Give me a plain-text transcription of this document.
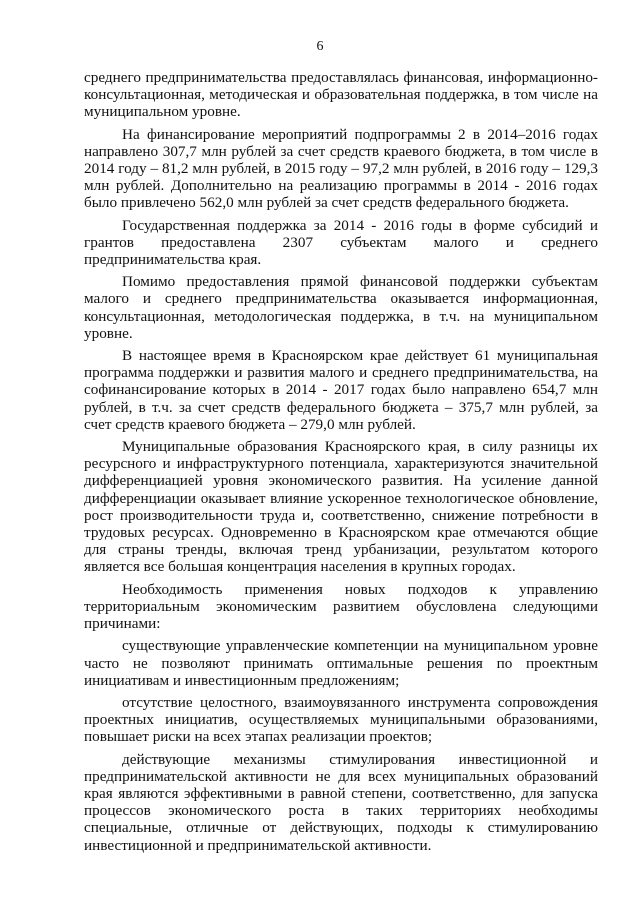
6

среднего предпринимательства предоставлялась финансовая, информационно-консультационная, методическая и образовательная поддержка, в том числе на муниципальном уровне.

На финансирование мероприятий подпрограммы 2 в 2014–2016 годах направлено 307,7 млн рублей за счет средств краевого бюджета, в том числе в 2014 году – 81,2 млн рублей, в 2015 году – 97,2 млн рублей, в 2016 году – 129,3 млн рублей. Дополнительно на реализацию программы в 2014 - 2016 годах было привлечено 562,0 млн рублей за счет средств федерального бюджета.

Государственная поддержка за 2014 - 2016 годы в форме субсидий и грантов предоставлена 2307 субъектам малого и среднего предпринимательства края.

Помимо предоставления прямой финансовой поддержки субъектам малого и среднего предпринимательства оказывается информационная, консультационная, методологическая поддержка, в т.ч. на муниципальном уровне.

В настоящее время в Красноярском крае действует 61 муниципальная программа поддержки и развития малого и среднего предпринимательства, на софинансирование которых в 2014 - 2017 годах было направлено 654,7 млн рублей, в т.ч. за счет средств федерального бюджета – 375,7 млн рублей, за счет средств краевого бюджета – 279,0 млн рублей.

Муниципальные образования Красноярского края, в силу разницы их ресурсного и инфраструктурного потенциала, характеризуются значительной дифференциацией уровня экономического развития. На усиление данной дифференциации оказывает влияние ускоренное технологическое обновление, рост производительности труда и, соответственно, снижение потребности в трудовых ресурсах. Одновременно в Красноярском крае отмечаются общие для страны тренды, включая тренд урбанизации, результатом которого является все большая концентрация населения в крупных городах.

Необходимость применения новых подходов к управлению территориальным экономическим развитием обусловлена следующими причинами:

существующие управленческие компетенции на муниципальном уровне часто не позволяют принимать оптимальные решения по проектным инициативам и инвестиционным предложениям;

отсутствие целостного, взаимоувязанного инструмента сопровождения проектных инициатив, осуществляемых муниципальными образованиями, повышает риски на всех этапах реализации проектов;

действующие механизмы стимулирования инвестиционной и предпринимательской активности не для всех муниципальных образований края являются эффективными в равной степени, соответственно, для запуска процессов экономического роста в таких территориях необходимы специальные, отличные от действующих, подходы к стимулированию инвестиционной и предпринимательской активности.
